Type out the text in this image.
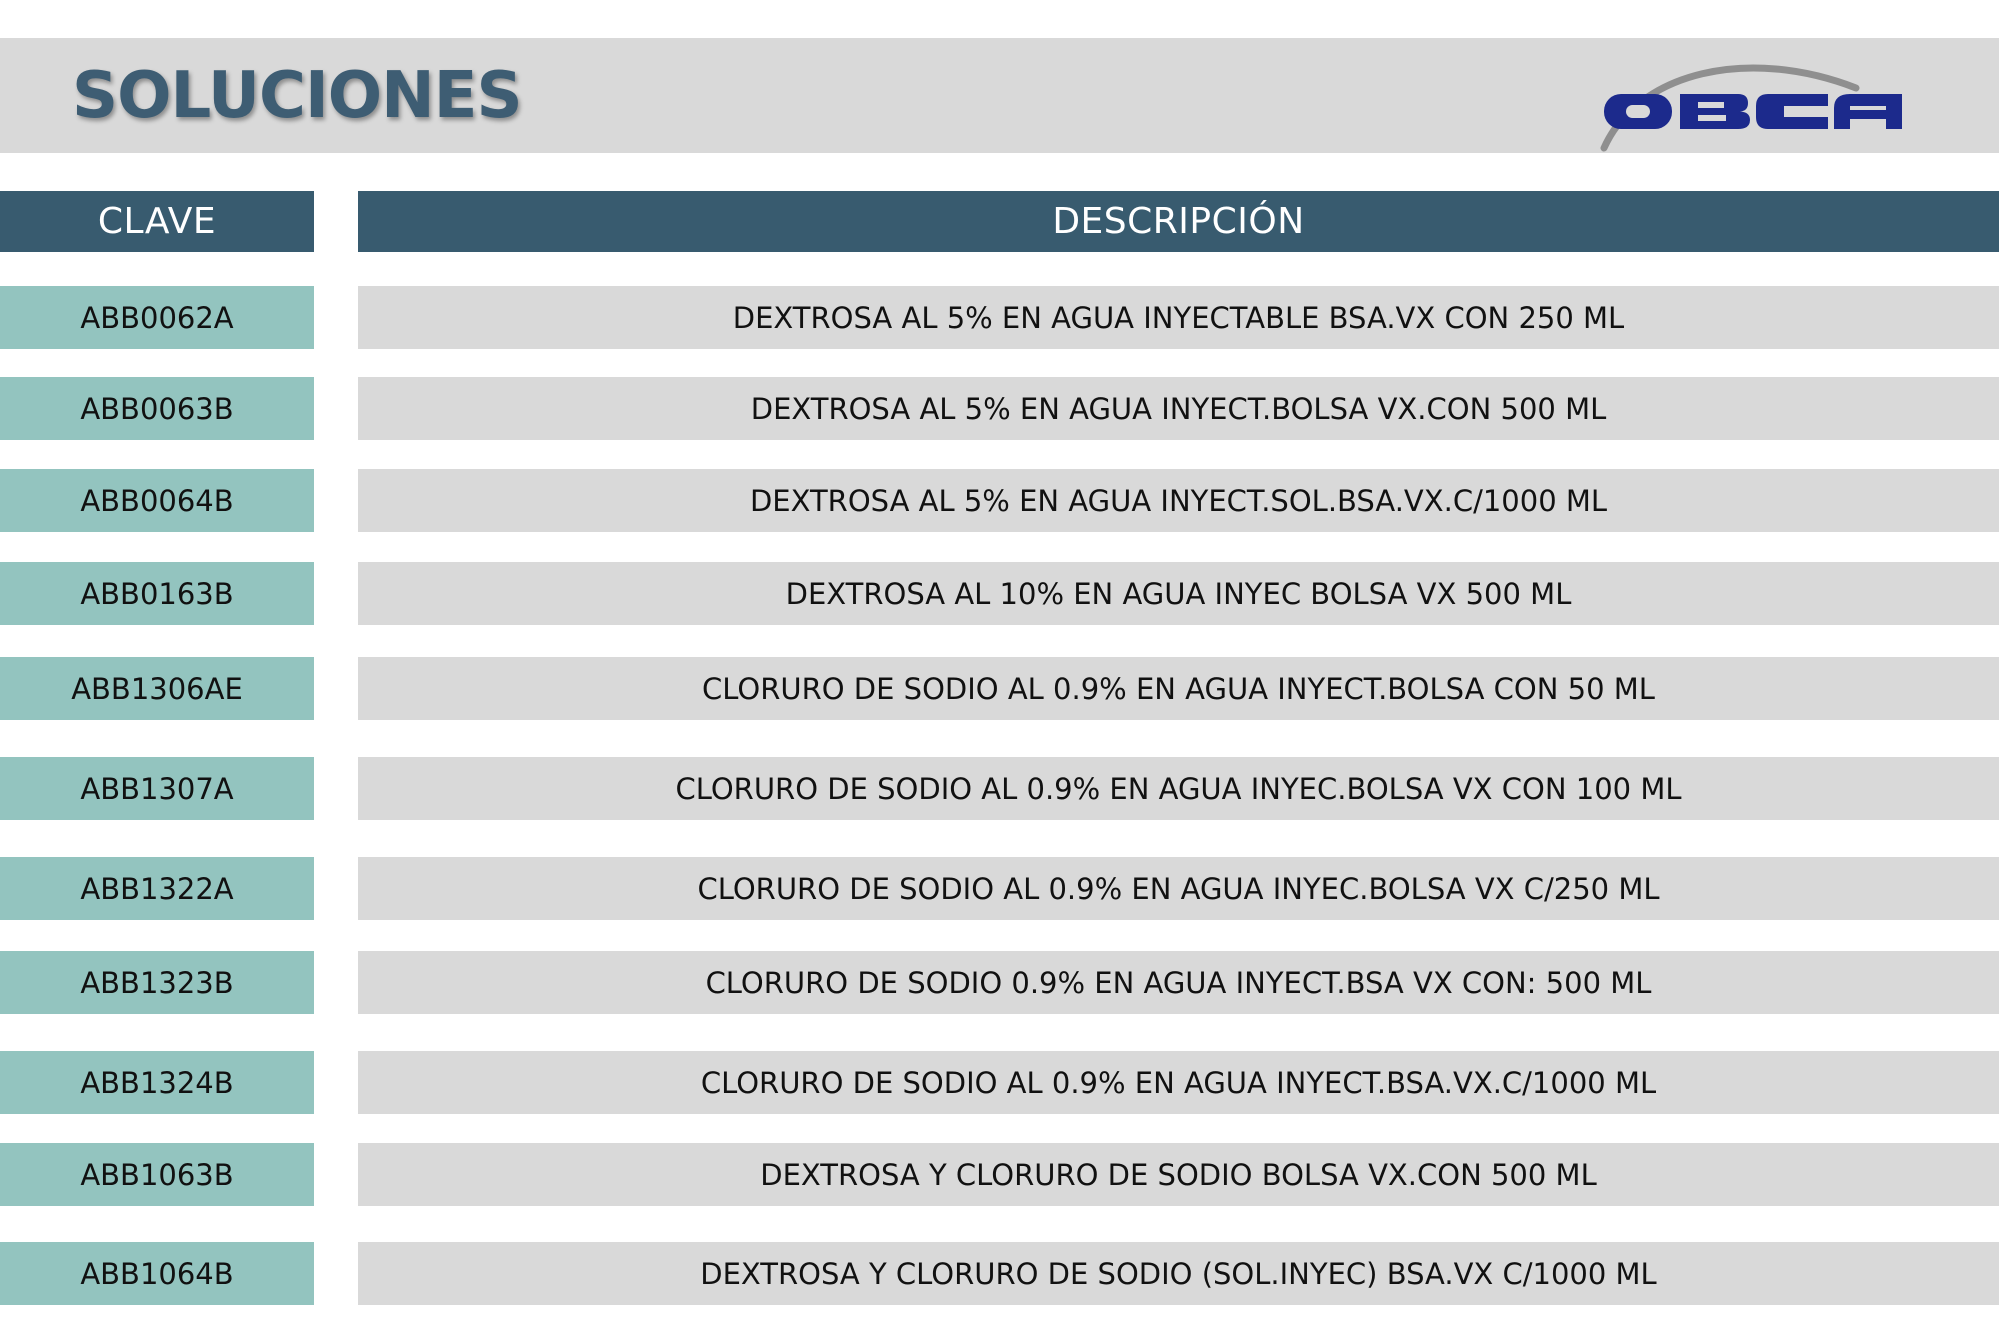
SOLUCIONES
CLAVE	DESCRIPCIÓN
ABB0062A	DEXTROSA AL 5% EN AGUA INYECTABLE BSA.VX CON 250 ML
ABB0063B	DEXTROSA AL 5% EN AGUA INYECT.BOLSA VX.CON 500 ML
ABB0064B	DEXTROSA AL 5% EN AGUA INYECT.SOL.BSA.VX.C/1000 ML
ABB0163B	DEXTROSA AL 10% EN AGUA INYEC BOLSA VX 500 ML
ABB1306AE	CLORURO DE SODIO AL 0.9% EN AGUA INYECT.BOLSA CON 50 ML
ABB1307A	CLORURO DE SODIO AL 0.9% EN AGUA INYEC.BOLSA VX CON 100 ML
ABB1322A	CLORURO DE SODIO AL 0.9% EN AGUA INYEC.BOLSA VX C/250 ML
ABB1323B	CLORURO DE SODIO 0.9% EN AGUA INYECT.BSA VX CON: 500 ML
ABB1324B	CLORURO DE SODIO AL 0.9% EN AGUA INYECT.BSA.VX.C/1000 ML
ABB1063B	DEXTROSA Y CLORURO DE SODIO BOLSA VX.CON 500 ML
ABB1064B	DEXTROSA Y CLORURO DE SODIO (SOL.INYEC) BSA.VX C/1000 ML
